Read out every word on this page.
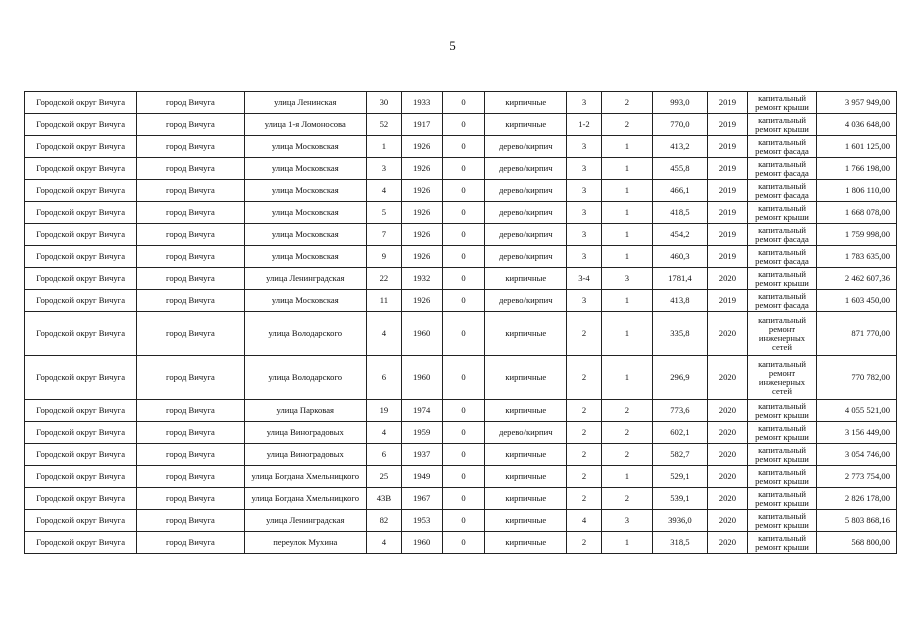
5
Городской округ Вичуга	город Вичуга	улица Ленинская	30	1933	0	кирпичные	3	2	993,0	2019	капитальный ремонт крыши	3 957 949,00
Городской округ Вичуга	город Вичуга	улица 1-я Ломоносова	52	1917	0	кирпичные	1-2	2	770,0	2019	капитальный ремонт крыши	4 036 648,00
Городской округ Вичуга	город Вичуга	улица Московская	1	1926	0	дерево/кирпич	3	1	413,2	2019	капитальный ремонт фасада	1 601 125,00
Городской округ Вичуга	город Вичуга	улица Московская	3	1926	0	дерево/кирпич	3	1	455,8	2019	капитальный ремонт фасада	1 766 198,00
Городской округ Вичуга	город Вичуга	улица Московская	4	1926	0	дерево/кирпич	3	1	466,1	2019	капитальный ремонт фасада	1 806 110,00
Городской округ Вичуга	город Вичуга	улица Московская	5	1926	0	дерево/кирпич	3	1	418,5	2019	капитальный ремонт крыши	1 668 078,00
Городской округ Вичуга	город Вичуга	улица Московская	7	1926	0	дерево/кирпич	3	1	454,2	2019	капитальный ремонт фасада	1 759 998,00
Городской округ Вичуга	город Вичуга	улица Московская	9	1926	0	дерево/кирпич	3	1	460,3	2019	капитальный ремонт фасада	1 783 635,00
Городской округ Вичуга	город Вичуга	улица Ленинградская	22	1932	0	кирпичные	3-4	3	1781,4	2020	капитальный ремонт крыши	2 462 607,36
Городской округ Вичуга	город Вичуга	улица Московская	11	1926	0	дерево/кирпич	3	1	413,8	2019	капитальный ремонт фасада	1 603 450,00
Городской округ Вичуга	город Вичуга	улица Володарского	4	1960	0	кирпичные	2	1	335,8	2020	капитальный ремонт инженерных сетей	871 770,00
Городской округ Вичуга	город Вичуга	улица Володарского	6	1960	0	кирпичные	2	1	296,9	2020	капитальный ремонт инженерных сетей	770 782,00
Городской округ Вичуга	город Вичуга	улица Парковая	19	1974	0	кирпичные	2	2	773,6	2020	капитальный ремонт крыши	4 055 521,00
Городской округ Вичуга	город Вичуга	улица Виноградовых	4	1959	0	дерево/кирпич	2	2	602,1	2020	капитальный ремонт крыши	3 156 449,00
Городской округ Вичуга	город Вичуга	улица Виноградовых	6	1937	0	кирпичные	2	2	582,7	2020	капитальный ремонт крыши	3 054 746,00
Городской округ Вичуга	город Вичуга	улица Богдана Хмельницкого	25	1949	0	кирпичные	2	1	529,1	2020	капитальный ремонт крыши	2 773 754,00
Городской округ Вичуга	город Вичуга	улица Богдана Хмельницкого	43В	1967	0	кирпичные	2	2	539,1	2020	капитальный ремонт крыши	2 826 178,00
Городской округ Вичуга	город Вичуга	улица Ленинградская	82	1953	0	кирпичные	4	3	3936,0	2020	капитальный ремонт крыши	5 803 868,16
Городской округ Вичуга	город Вичуга	переулок Мухина	4	1960	0	кирпичные	2	1	318,5	2020	капитальный ремонт крыши	568 800,00
